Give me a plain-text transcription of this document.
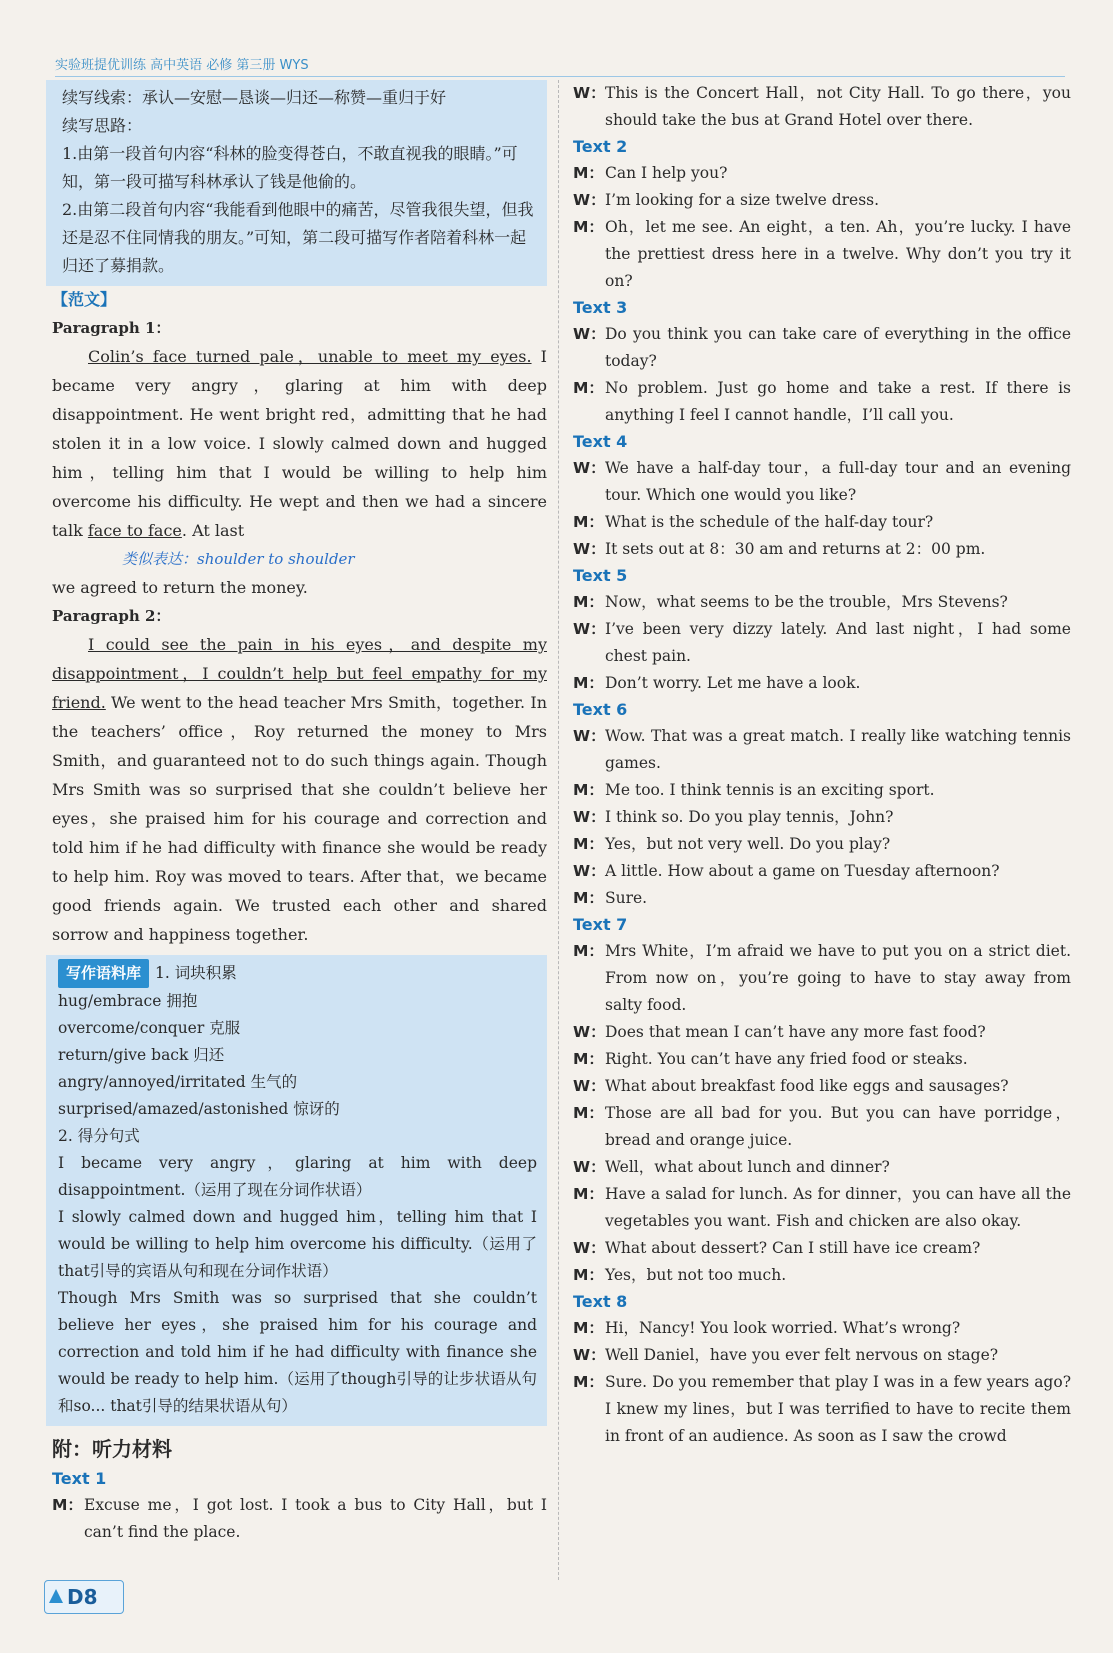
实验班提优训练 高中英语 必修 第三册 WYS
续写线索：承认—安慰—恳谈—归还—称赞—重归于好
续写思路：
1.由第一段首句内容“科林的脸变得苍白，不敢直视我的眼睛。”可知，第一段可描写科林承认了钱是他偷的。
2.由第二段首句内容“我能看到他眼中的痛苦，尽管我很失望，但我还是忍不住同情我的朋友。”可知，第二段可描写作者陪着科林一起归还了募捐款。
【范文】
Paragraph 1：
Colin’s face turned pale，unable to meet my eyes. I became very angry，glaring at him with deep disappointment. He went bright red，admitting that he had stolen it in a low voice. I slowly calmed down and hugged him，telling him that I would be willing to help him overcome his difficulty. He wept and then we had a sincere talk face to face. At last
类似表达：shoulder to shoulder
we agreed to return the money.
Paragraph 2：
I could see the pain in his eyes，and despite my disappointment，I couldn’t help but feel empathy for my friend. We went to the head teacher Mrs Smith，together. In the teachers’ office，Roy returned the money to Mrs Smith，and guaranteed not to do such things again. Though Mrs Smith was so surprised that she couldn’t believe her eyes，she praised him for his courage and correction and told him if he had difficulty with finance she would be ready to help him. Roy was moved to tears. After that，we became good friends again. We trusted each other and shared sorrow and happiness together.
写作语料库 1. 词块积累
hug/embrace 拥抱
overcome/conquer 克服
return/give back 归还
angry/annoyed/irritated 生气的
surprised/amazed/astonished 惊讶的
2. 得分句式
I became very angry，glaring at him with deep disappointment.（运用了现在分词作状语）
I slowly calmed down and hugged him，telling him that I would be willing to help him overcome his difficulty.（运用了that引导的宾语从句和现在分词作状语）
Though Mrs Smith was so surprised that she couldn’t believe her eyes，she praised him for his courage and correction and told him if he had difficulty with finance she would be ready to help him.（运用了though引导的让步状语从句和so... that引导的结果状语从句）
附：听力材料
Text 1
M：Excuse me，I got lost. I took a bus to City Hall，but I can’t find the place.
W：This is the Concert Hall，not City Hall. To go there，you should take the bus at Grand Hotel over there.
Text 2
M：Can I help you?
W：I’m looking for a size twelve dress.
M：Oh，let me see. An eight，a ten. Ah，you’re lucky. I have the prettiest dress here in a twelve. Why don’t you try it on?
Text 3
W：Do you think you can take care of everything in the office today?
M：No problem. Just go home and take a rest. If there is anything I feel I cannot handle，I’ll call you.
Text 4
W：We have a half-day tour，a full-day tour and an evening tour. Which one would you like?
M：What is the schedule of the half-day tour?
W：It sets out at 8：30 am and returns at 2：00 pm.
Text 5
M：Now，what seems to be the trouble，Mrs Stevens?
W：I’ve been very dizzy lately. And last night，I had some chest pain.
M：Don’t worry. Let me have a look.
Text 6
W：Wow. That was a great match. I really like watching tennis games.
M：Me too. I think tennis is an exciting sport.
W：I think so. Do you play tennis，John?
M：Yes，but not very well. Do you play?
W：A little. How about a game on Tuesday afternoon?
M：Sure.
Text 7
M：Mrs White，I’m afraid we have to put you on a strict diet. From now on，you’re going to have to stay away from salty food.
W：Does that mean I can’t have any more fast food?
M：Right. You can’t have any fried food or steaks.
W：What about breakfast food like eggs and sausages?
M：Those are all bad for you. But you can have porridge，bread and orange juice.
W：Well，what about lunch and dinner?
M：Have a salad for lunch. As for dinner，you can have all the vegetables you want. Fish and chicken are also okay.
W：What about dessert? Can I still have ice cream?
M：Yes，but not too much.
Text 8
M：Hi，Nancy! You look worried. What’s wrong?
W：Well Daniel，have you ever felt nervous on stage?
M：Sure. Do you remember that play I was in a few years ago? I knew my lines，but I was terrified to have to recite them in front of an audience. As soon as I saw the crowd
D8
